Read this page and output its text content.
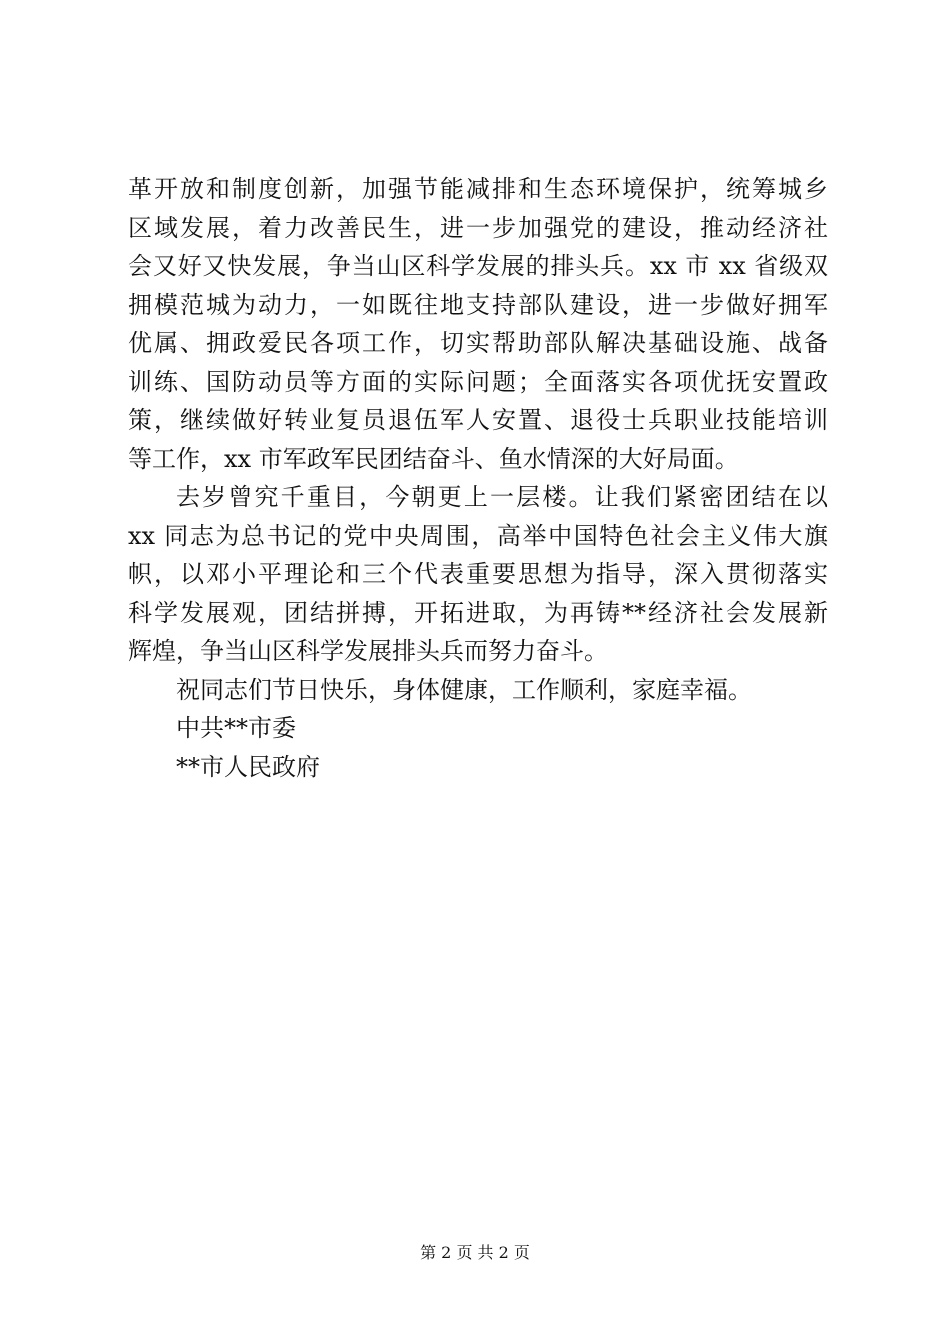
革开放和制度创新，加强节能减排和生态环境保护，统筹城乡
区域发展，着力改善民生，进一步加强党的建设，推动经济社
会又好又快发展，争当山区科学发展的排头兵。xx 市 xx 省级双
拥模范城为动力，一如既往地支持部队建设，进一步做好拥军
优属、拥政爱民各项工作，切实帮助部队解决基础设施、战备
训练、国防动员等方面的实际问题；全面落实各项优抚安置政
策，继续做好转业复员退伍军人安置、退役士兵职业技能培训
等工作，xx 市军政军民团结奋斗、鱼水情深的大好局面。
去岁曾究千重目，今朝更上一层楼。让我们紧密团结在以
xx 同志为总书记的党中央周围，高举中国特色社会主义伟大旗
帜，以邓小平理论和三个代表重要思想为指导，深入贯彻落实
科学发展观，团结拼搏，开拓进取，为再铸**经济社会发展新
辉煌，争当山区科学发展排头兵而努力奋斗。
祝同志们节日快乐，身体健康，工作顺利，家庭幸福。
中共**市委
**市人民政府
第 2 页 共 2 页
